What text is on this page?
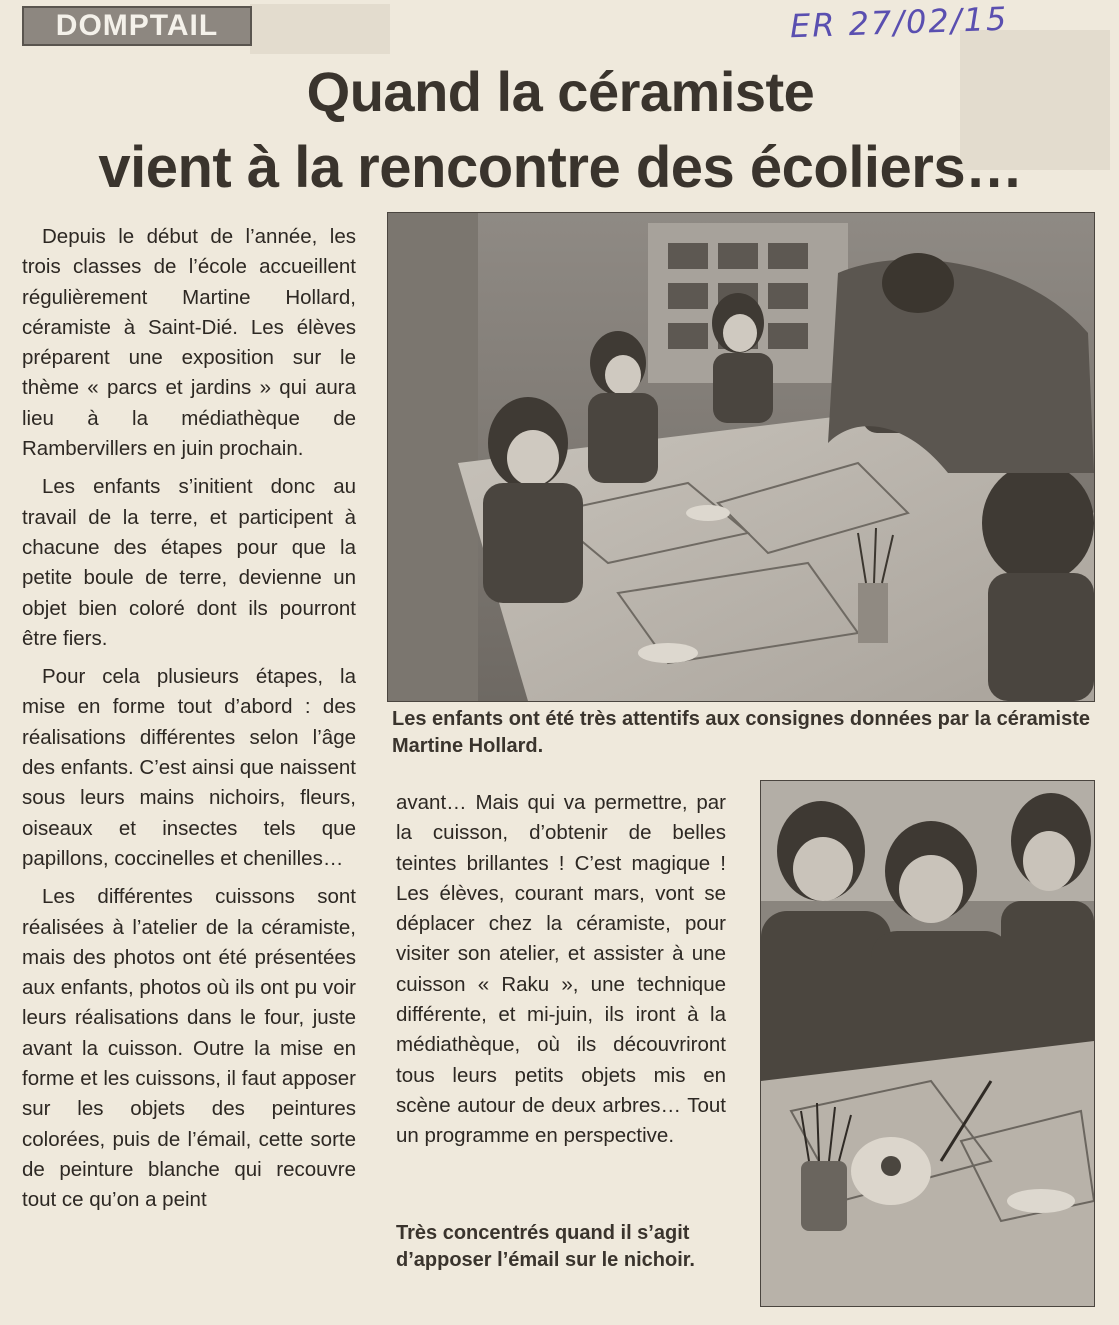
DOMPTAIL	ER 27/02/15
Quand la céramiste
vient à la rencontre des écoliers…

Depuis le début de l’année, les trois classes de l’école accueillent régulièrement Martine Hollard, céramiste à Saint-Dié. Les élèves préparent une exposition sur le thème « parcs et jardins » qui aura lieu à la médiathèque de Rambervillers en juin prochain.

Les enfants s’initient donc au travail de la terre, et participent à chacune des étapes pour que la petite boule de terre, devienne un objet bien coloré dont ils pourront être fiers.

Pour cela plusieurs étapes, la mise en forme tout d’abord : des réalisations différentes selon l’âge des enfants. C’est ainsi que naissent sous leurs mains nichoirs, fleurs, oiseaux et insectes tels que papillons, coccinelles et chenilles…

Les différentes cuissons sont réalisées à l’atelier de la céramiste, mais des photos ont été présentées aux enfants, photos où ils ont pu voir leurs réalisations dans le four, juste avant la cuisson. Outre la mise en forme et les cuissons, il faut apposer sur les objets des peintures colorées, puis de l’émail, cette sorte de peinture blanche qui recouvre tout ce qu’on a peint

Les enfants ont été très attentifs aux consignes données par la céramiste Martine Hollard.

avant… Mais qui va permettre, par la cuisson, d’obtenir de belles teintes brillantes ! C’est magique ! Les élèves, courant mars, vont se déplacer chez la céramiste, pour visiter son atelier, et assister à une cuisson « Raku », une technique différente, et mi-juin, ils iront à la médiathèque, où ils découvriront tous leurs petits objets mis en scène autour de deux arbres… Tout un programme en perspective.

Très concentrés quand il s’agit d’apposer l’émail sur le nichoir.
